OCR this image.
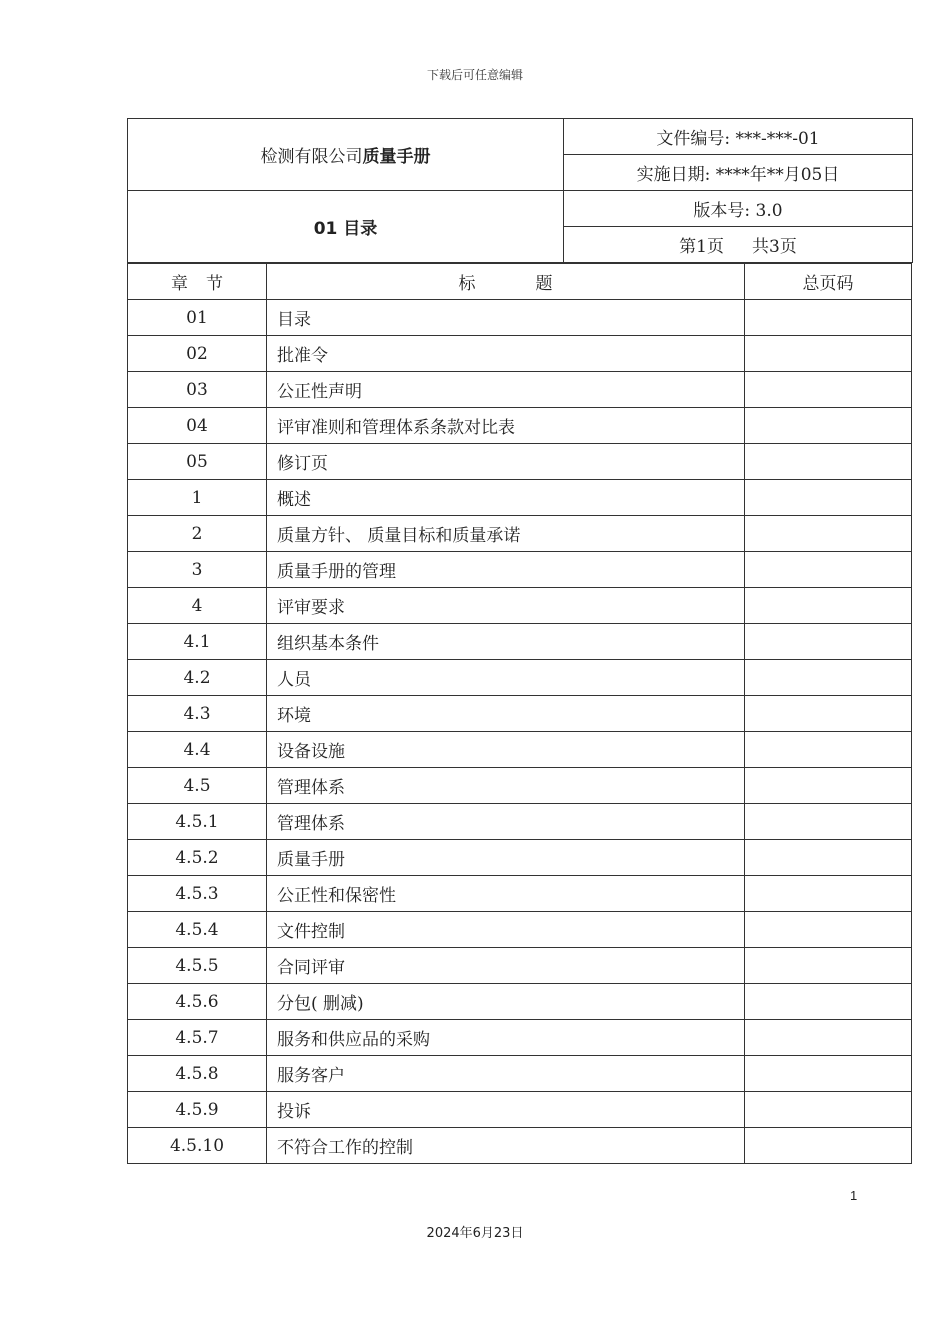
下载后可任意编辑
检测有限公司质量手册	文件编号: ***-***-01
	实施日期: ****年**月05日
01 目录	版本号: 3.0
	第1页 共3页
章节	标题	总页码
01	目录	
02	批准令	
03	公正性声明	
04	评审准则和管理体系条款对比表	
05	修订页	
1	概述	
2	质量方针、 质量目标和质量承诺	
3	质量手册的管理	
4	评审要求	
4.1	组织基本条件	
4.2	人员	
4.3	环境	
4.4	设备设施	
4.5	管理体系	
4.5.1	管理体系	
4.5.2	质量手册	
4.5.3	公正性和保密性	
4.5.4	文件控制	
4.5.5	合同评审	
4.5.6	分包( 删减)	
4.5.7	服务和供应品的采购	
4.5.8	服务客户	
4.5.9	投诉	
4.5.10	不符合工作的控制	
1
2024年6月23日
